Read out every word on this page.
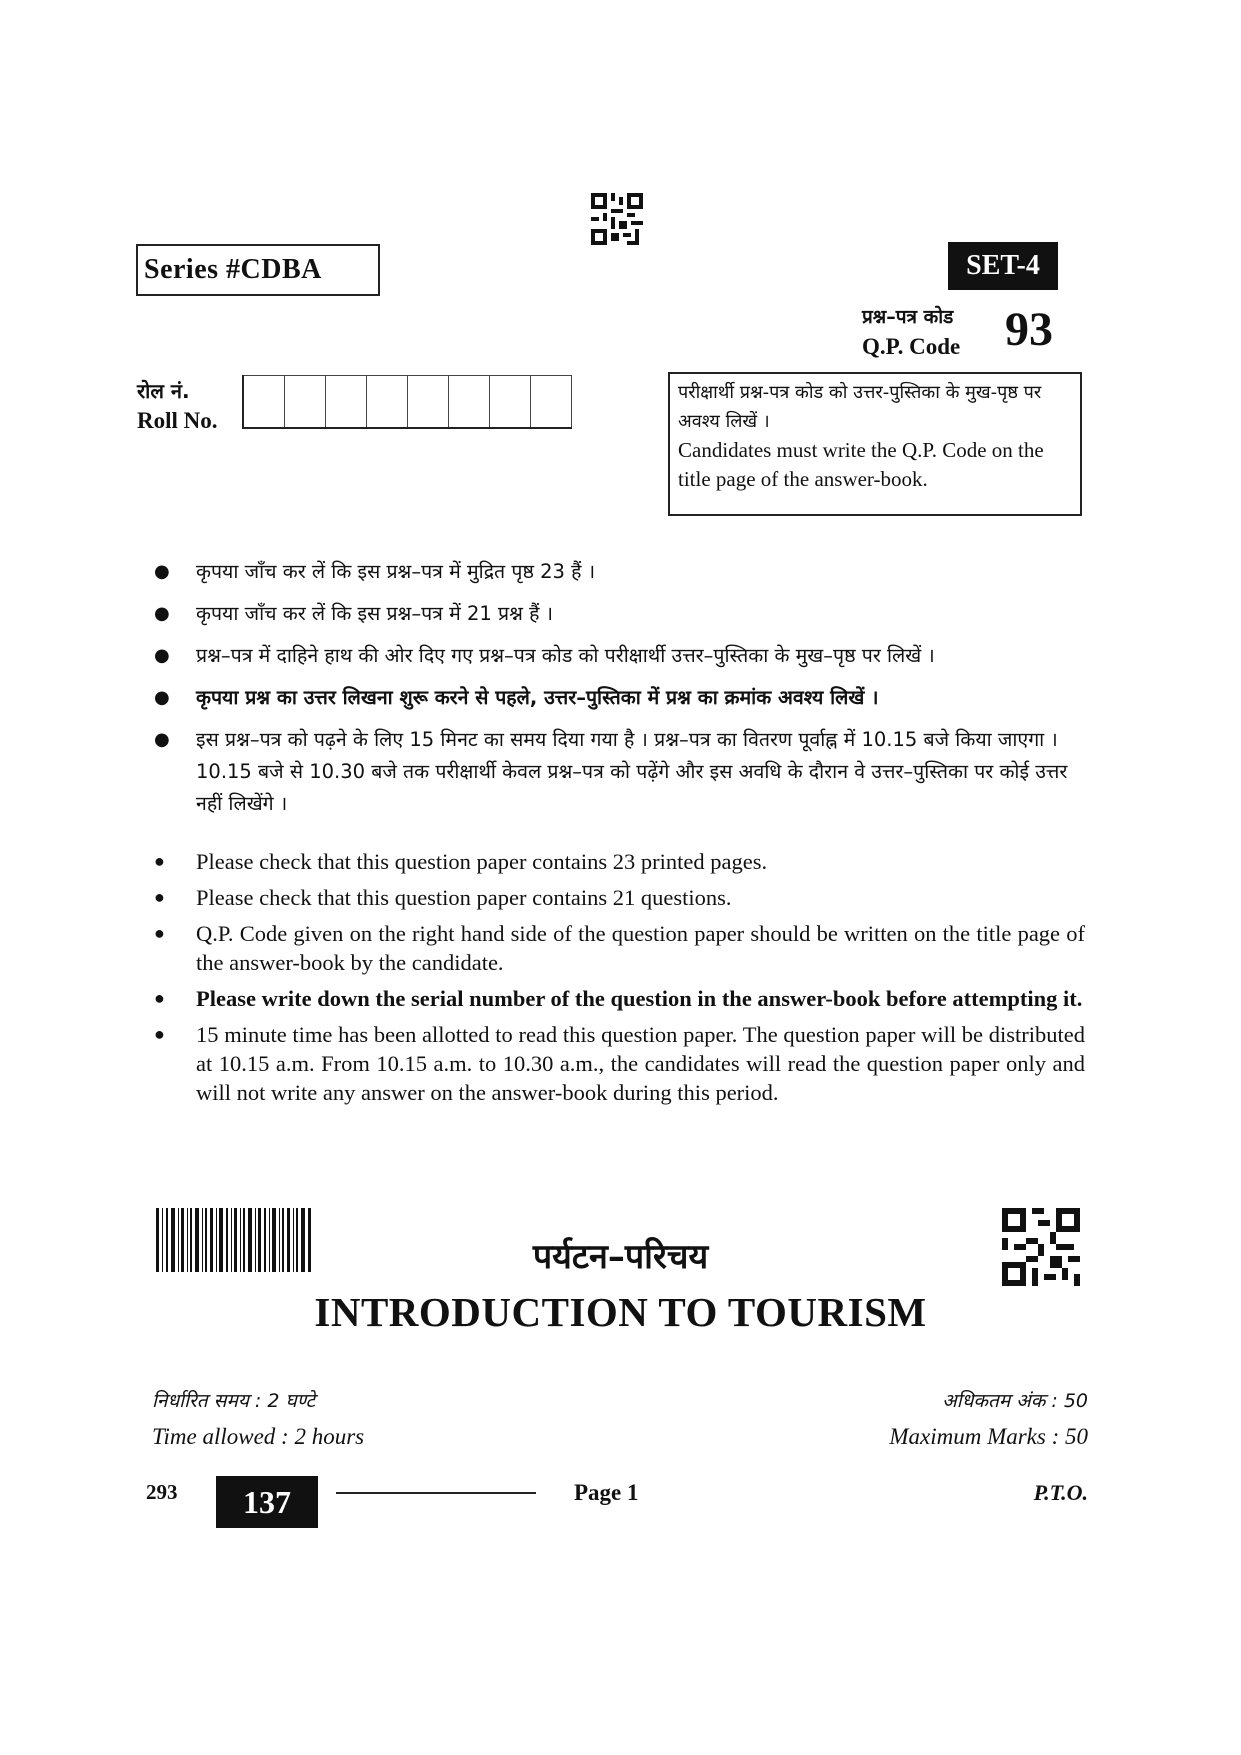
Series #CDBA	SET-4
प्रश्न–पत्र कोड
Q.P. Code 93
रोल नं.
Roll No.
परीक्षार्थी प्रश्न-पत्र कोड को उत्तर-पुस्तिका के मुख-पृष्ठ पर अवश्य लिखें ।
Candidates must write the Q.P. Code on the title page of the answer-book.
● कृपया जाँच कर लें कि इस प्रश्न–पत्र में मुद्रित पृष्ठ 23 हैं ।
● कृपया जाँच कर लें कि इस प्रश्न–पत्र में 21 प्रश्न हैं ।
● प्रश्न–पत्र में दाहिने हाथ की ओर दिए गए प्रश्न–पत्र कोड को परीक्षार्थी उत्तर–पुस्तिका के मुख–पृष्ठ पर लिखें ।
● कृपया प्रश्न का उत्तर लिखना शुरू करने से पहले, उत्तर–पुस्तिका में प्रश्न का क्रमांक अवश्य लिखें ।
● इस प्रश्न–पत्र को पढ़ने के लिए 15 मिनट का समय दिया गया है । प्रश्न–पत्र का वितरण पूर्वाह्न में 10.15 बजे किया जाएगा । 10.15 बजे से 10.30 बजे तक परीक्षार्थी केवल प्रश्न–पत्र को पढ़ेंगे और इस अवधि के दौरान वे उत्तर–पुस्तिका पर कोई उत्तर नहीं लिखेंगे ।
● Please check that this question paper contains 23 printed pages.
● Please check that this question paper contains 21 questions.
● Q.P. Code given on the right hand side of the question paper should be written on the title page of the answer-book by the candidate.
● Please write down the serial number of the question in the answer-book before attempting it.
● 15 minute time has been allotted to read this question paper. The question paper will be distributed at 10.15 a.m. From 10.15 a.m. to 10.30 a.m., the candidates will read the question paper only and will not write any answer on the answer-book during this period.
पर्यटन–परिचय
INTRODUCTION TO TOURISM
निर्धारित समय : 2 घण्टे
Time allowed : 2 hours
अधिकतम अंक : 50
Maximum Marks : 50
293	137	Page 1	P.T.O.
